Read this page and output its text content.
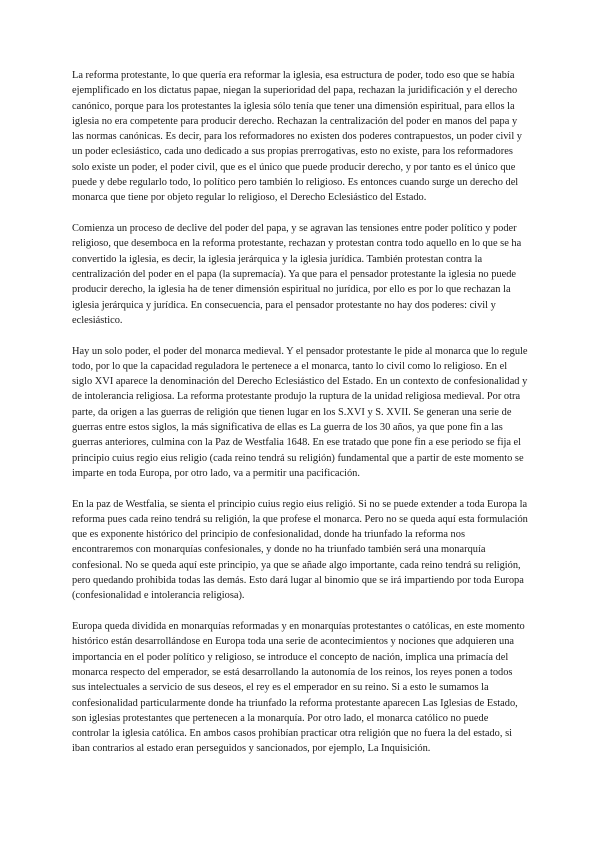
La reforma protestante, lo que quería era reformar la iglesia, esa estructura de poder, todo eso que se había ejemplificado en los dictatus papae, niegan la superioridad del papa, rechazan la juridificación y el derecho canónico, porque para los protestantes la iglesia sólo tenía que tener una dimensión espiritual, para ellos la iglesia no era competente para producir derecho. Rechazan la centralización del poder en manos del papa y las normas canónicas. Es decir, para los reformadores no existen dos poderes contrapuestos, un poder civil y un poder eclesiástico, cada uno dedicado a sus propias prerrogativas, esto no existe, para los reformadores solo existe un poder, el poder civil, que es el único que puede producir derecho, y por tanto es el único que puede y debe regularlo todo, lo político pero también lo religioso. Es entonces cuando surge un derecho del monarca que tiene por objeto regular lo religioso, el Derecho Eclesiástico del Estado.

Comienza un proceso de declive del poder del papa, y se agravan las tensiones entre poder político y poder religioso, que desemboca en la reforma protestante, rechazan y protestan contra todo aquello en lo que se ha convertido la iglesia, es decir, la iglesia jerárquica y la iglesia jurídica. También protestan contra la centralización del poder en el papa (la supremacía). Ya que para el pensador protestante la iglesia no puede producir derecho, la iglesia ha de tener dimensión espiritual no jurídica, por ello es por lo que rechazan la iglesia jerárquica y jurídica. En consecuencia, para el pensador protestante no hay dos poderes: civil y eclesiástico.

Hay un solo poder, el poder del monarca medieval. Y el pensador protestante le pide al monarca que lo regule todo, por lo que la capacidad reguladora le pertenece a el monarca, tanto lo civil como lo religioso. En el siglo XVI aparece la denominación del Derecho Eclesiástico del Estado. En un contexto de confesionalidad y de intolerancia religiosa. La reforma protestante produjo la ruptura de la unidad religiosa medieval. Por otra parte, da origen a las guerras de religión que tienen lugar en los S.XVI y S. XVII. Se generan una serie de guerras entre estos siglos, la más significativa de ellas es La guerra de los 30 años, ya que pone fin a las guerras anteriores, culmina con la Paz de Westfalia 1648. En ese tratado que pone fin a ese periodo se fija el principio cuius regio eius religio (cada reino tendrá su religión) fundamental que a partir de este momento se imparte en toda Europa, por otro lado, va a permitir una pacificación.

En la paz de Westfalia, se sienta el principio cuius regio eius religió. Si no se puede extender a toda Europa la reforma pues cada reino tendrá su religión, la que profese el monarca. Pero no se queda aquí esta formulación que es exponente histórico del principio de confesionalidad, donde ha triunfado la reforma nos encontraremos con monarquías confesionales, y donde no ha triunfado también será una monarquía confesional. No se queda aquí este principio, ya que se añade algo importante, cada reino tendrá su religión, pero quedando prohibida todas las demás. Esto dará lugar al binomio que se irá impartiendo por toda Europa (confesionalidad e intolerancia religiosa).

Europa queda dividida en monarquías reformadas y en monarquías protestantes o católicas, en este momento histórico están desarrollándose en Europa toda una serie de acontecimientos y nociones que adquieren una importancia en el poder político y religioso, se introduce el concepto de nación, implica una primacía del monarca respecto del emperador, se está desarrollando la autonomía de los reinos, los reyes ponen a todos sus intelectuales a servicio de sus deseos, el rey es el emperador en su reino. Si a esto le sumamos la confesionalidad particularmente donde ha triunfado la reforma protestante aparecen Las Iglesias de Estado, son iglesias protestantes que pertenecen a la monarquía. Por otro lado, el monarca católico no puede controlar la iglesia católica. En ambos casos prohibían practicar otra religión que no fuera la del estado, si iban contrarios al estado eran perseguidos y sancionados, por ejemplo, La Inquisición.
